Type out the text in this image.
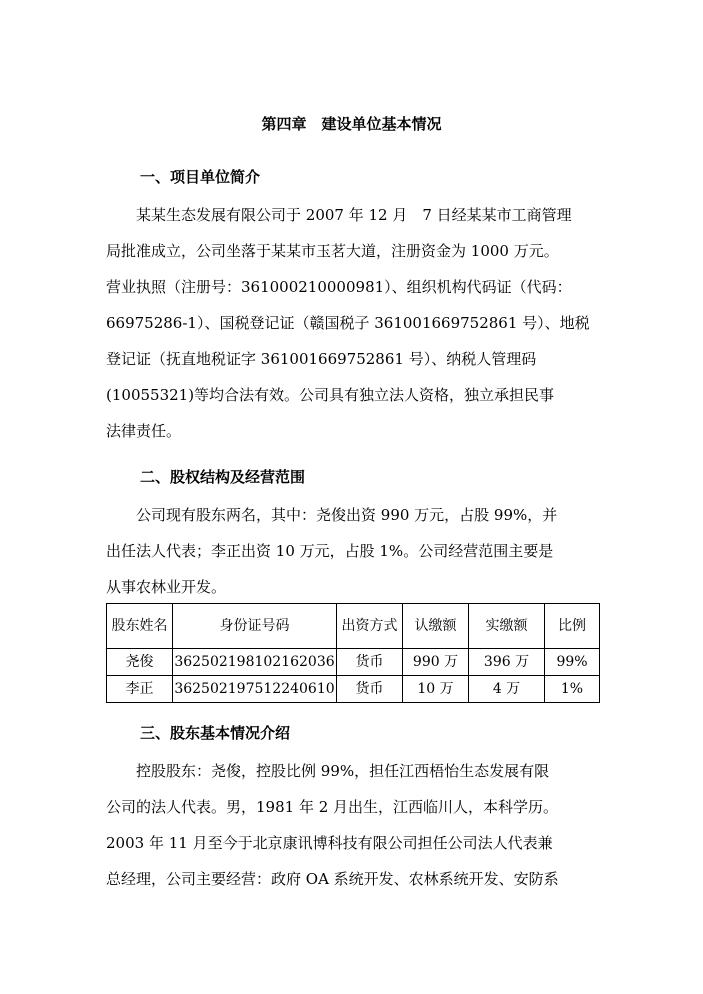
第四章　建设单位基本情况
一、项目单位简介
某某生态发展有限公司于 2007 年 12 月　7 日经某某市工商管理
局批准成立，公司坐落于某某市玉茗大道，注册资金为 1000 万元。
营业执照（注册号：361000210000981）、组织机构代码证（代码：
66975286-1）、国税登记证（赣国税子 361001669752861 号）、地税
登记证（抚直地税证字 361001669752861 号）、纳税人管理码
(10055321)等均合法有效。公司具有独立法人资格，独立承担民事
法律责任。
二、股权结构及经营范围
公司现有股东两名，其中：尧俊出资 990 万元，占股 99%，并
出任法人代表；李正出资 10 万元，占股 1%。公司经营范围主要是
从事农林业开发。
股东姓名	身份证号码	出资方式	认缴额	实缴额	比例
尧俊	362502198102162036	货币	990 万	396 万	99%
李正	362502197512240610	货币	10 万	4 万	1%
三、股东基本情况介绍
控股股东：尧俊，控股比例 99%，担任江西梧怡生态发展有限
公司的法人代表。男，1981 年 2 月出生，江西临川人，本科学历。
2003 年 11 月至今于北京康讯博科技有限公司担任公司法人代表兼
总经理，公司主要经营：政府 OA 系统开发、农林系统开发、安防系
